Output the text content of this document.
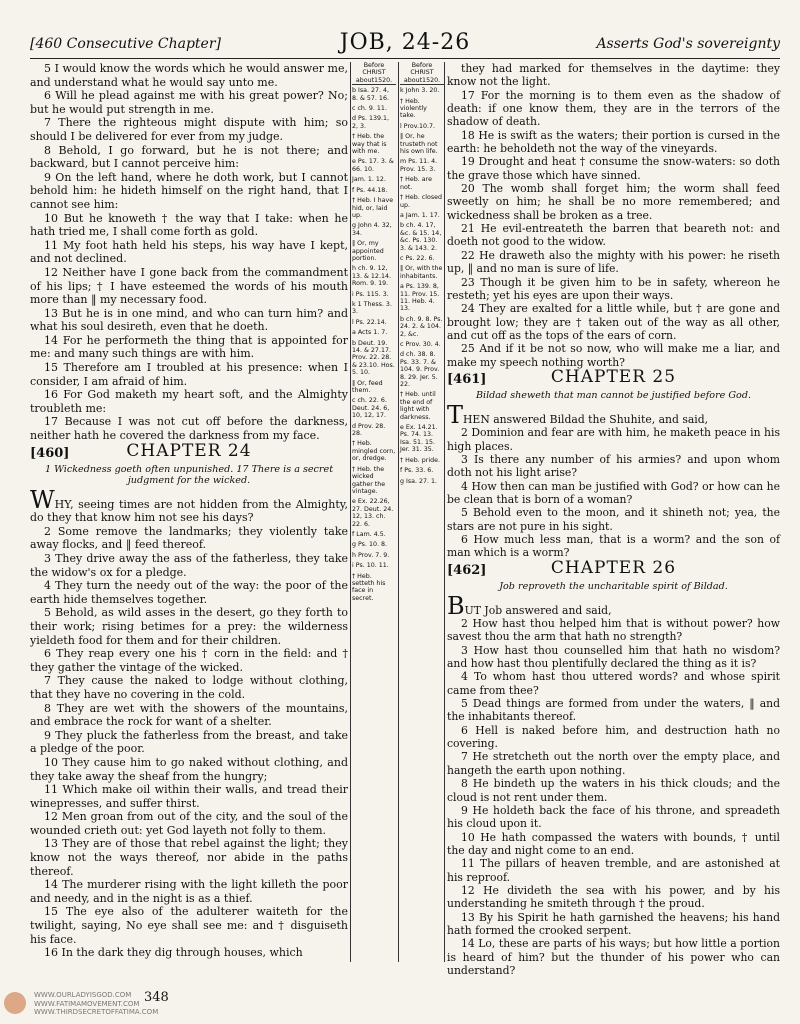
[460 Consecutive Chapter]	JOB, 24-26	Asserts God's sovereignty

5 I would know the words which he would answer me, and understand what he would say unto me.

6 Will he plead against me with his great power? No; but he would put strength in me.

7 There the righteous might dispute with him; so should I be delivered for ever from my judge.

8 Behold, I go forward, but he is not there; and backward, but I cannot perceive him:

9 On the left hand, where he doth work, but I cannot behold him: he hideth himself on the right hand, that I cannot see him:

10 But he knoweth † the way that I take: when he hath tried me, I shall come forth as gold.

11 My foot hath held his steps, his way have I kept, and not declined.

12 Neither have I gone back from the commandment of his lips; † I have esteemed the words of his mouth more than ‖ my necessary food.

13 But he is in one mind, and who can turn him? and what his soul desireth, even that he doeth.

14 For he performeth the thing that is appointed for me: and many such things are with him.

15 Therefore am I troubled at his presence: when I consider, I am afraid of him.

16 For God maketh my heart soft, and the Almighty troubleth me:

17 Because I was not cut off before the darkness, neither hath he covered the darkness from my face.

[460]	CHAPTER 24
1 Wickedness goeth often unpunished. 17 There is a secret judgment for the wicked.

WHY, seeing times are not hidden from the Almighty, do they that know him not see his days?

2 Some remove the landmarks; they violently take away flocks, and ‖ feed thereof.

3 They drive away the ass of the fatherless, they take the widow's ox for a pledge.

4 They turn the needy out of the way: the poor of the earth hide themselves together.

5 Behold, as wild asses in the desert, go they forth to their work; rising betimes for a prey: the wilderness yieldeth food for them and for their children.

6 They reap every one his † corn in the field: and † they gather the vintage of the wicked.

7 They cause the naked to lodge without clothing, that they have no covering in the cold.

8 They are wet with the showers of the mountains, and embrace the rock for want of a shelter.

9 They pluck the fatherless from the breast, and take a pledge of the poor.

10 They cause him to go naked without clothing, and they take away the sheaf from the hungry;

11 Which make oil within their walls, and tread their winepresses, and suffer thirst.

12 Men groan from out of the city, and the soul of the wounded crieth out: yet God layeth not folly to them.

13 They are of those that rebel against the light; they know not the ways thereof, nor abide in the paths thereof.

14 The murderer rising with the light killeth the poor and needy, and in the night is as a thief.

15 The eye also of the adulterer waiteth for the twilight, saying, No eye shall see me: and † disguiseth his face.

16 In the dark they dig through houses, which

Before CHRIST about1520.
b Isa. 27. 4, 8. & 57. 16.
c ch. 9. 11.
d Ps. 139.1, 2, 3.
† Heb. the way that is with me.
e Ps. 17. 3. & 66. 10.
Jam. 1. 12.
f Ps. 44.18.
† Heb. I have hid, or, laid up.
g John 4. 32, 34.
‖ Or, my appointed portion.
h ch. 9. 12, 13. & 12.14. Rom. 9. 19.
i Ps. 115. 3.
k 1 Thess. 3. 3.
l Ps. 22.14.
a Acts 1. 7.
b Deut. 19. 14. & 27.17. Prov. 22. 28. & 23.10. Hos. 5. 10.
‖ Or, feed them.
c ch. 22. 6. Deut. 24. 6, 10, 12, 17.
d Prov. 28. 28.
† Heb. mingled corn, or, dredge.
† Heb. the wicked gather the vintage.
e Ex. 22.26, 27. Deut. 24. 12, 13. ch. 22. 6.
f Lam. 4.5.
g Ps. 10. 8.
h Prov. 7. 9.
i Ps. 10. 11.
† Heb. setteth his face in secret.
Before CHRIST about1520.
k John 3. 20.
† Heb. violently take.
l Prov.10.7.
‖ Or, he trusteth not his own life.
m Ps. 11. 4. Prov. 15. 3.
† Heb. are not.
† Heb. closed up.
a Jam. 1. 17.
b ch. 4. 17, &c. & 15. 14, &c. Ps. 130. 3. & 143. 2.
c Ps. 22. 6.
‖ Or, with the inhabitants.
a Ps. 139. 8, 11. Prov. 15. 11. Heb. 4. 13.
b ch. 9. 8. Ps. 24. 2. & 104. 2, &c.
c Prov. 30. 4.
d ch. 38. 8. Ps. 33. 7. & 104. 9. Prov. 8. 29. Jer. 5. 22.
† Heb. until the end of light with darkness.
e Ex. 14.21. Ps. 74. 13. Isa. 51. 15. Jer. 31. 35.
† Heb. pride.
f Ps. 33. 6.
g Isa. 27. 1.

they had marked for themselves in the daytime: they know not the light.

17 For the morning is to them even as the shadow of death: if one know them, they are in the terrors of the shadow of death.

18 He is swift as the waters; their portion is cursed in the earth: he beholdeth not the way of the vineyards.

19 Drought and heat † consume the snow-waters: so doth the grave those which have sinned.

20 The womb shall forget him; the worm shall feed sweetly on him; he shall be no more remembered; and wickedness shall be broken as a tree.

21 He evil-entreateth the barren that beareth not: and doeth not good to the widow.

22 He draweth also the mighty with his power: he riseth up, ‖ and no man is sure of life.

23 Though it be given him to be in safety, whereon he resteth; yet his eyes are upon their ways.

24 They are exalted for a little while, but † are gone and brought low; they are † taken out of the way as all other, and cut off as the tops of the ears of corn.

25 And if it be not so now, who will make me a liar, and make my speech nothing worth?

[461]	CHAPTER 25
Bildad sheweth that man cannot be justified before God.

THEN answered Bildad the Shuhite, and said,

2 Dominion and fear are with him, he maketh peace in his high places.

3 Is there any number of his armies? and upon whom doth not his light arise?

4 How then can man be justified with God? or how can he be clean that is born of a woman?

5 Behold even to the moon, and it shineth not; yea, the stars are not pure in his sight.

6 How much less man, that is a worm? and the son of man which is a worm?

[462]	CHAPTER 26
Job reproveth the uncharitable spirit of Bildad.

BUT Job answered and said,

2 How hast thou helped him that is without power? how savest thou the arm that hath no strength?

3 How hast thou counselled him that hath no wisdom? and how hast thou plentifully declared the thing as it is?

4 To whom hast thou uttered words? and whose spirit came from thee?

5 Dead things are formed from under the waters, ‖ and the inhabitants thereof.

6 Hell is naked before him, and destruction hath no covering.

7 He stretcheth out the north over the empty place, and hangeth the earth upon nothing.

8 He bindeth up the waters in his thick clouds; and the cloud is not rent under them.

9 He holdeth back the face of his throne, and spreadeth his cloud upon it.

10 He hath compassed the waters with bounds, † until the day and night come to an end.

11 The pillars of heaven tremble, and are astonished at his reproof.

12 He divideth the sea with his power, and by his understanding he smiteth through † the proud.

13 By his Spirit he hath garnished the heavens; his hand hath formed the crooked serpent.

14 Lo, these are parts of his ways; but how little a portion is heard of him? but the thunder of his power who can understand?

WWW.OURLADYISGOD.COM
WWW.FATIMAMOVEMENT.COM
WWW.THIRDSECRETOFFATIMA.COM
348
